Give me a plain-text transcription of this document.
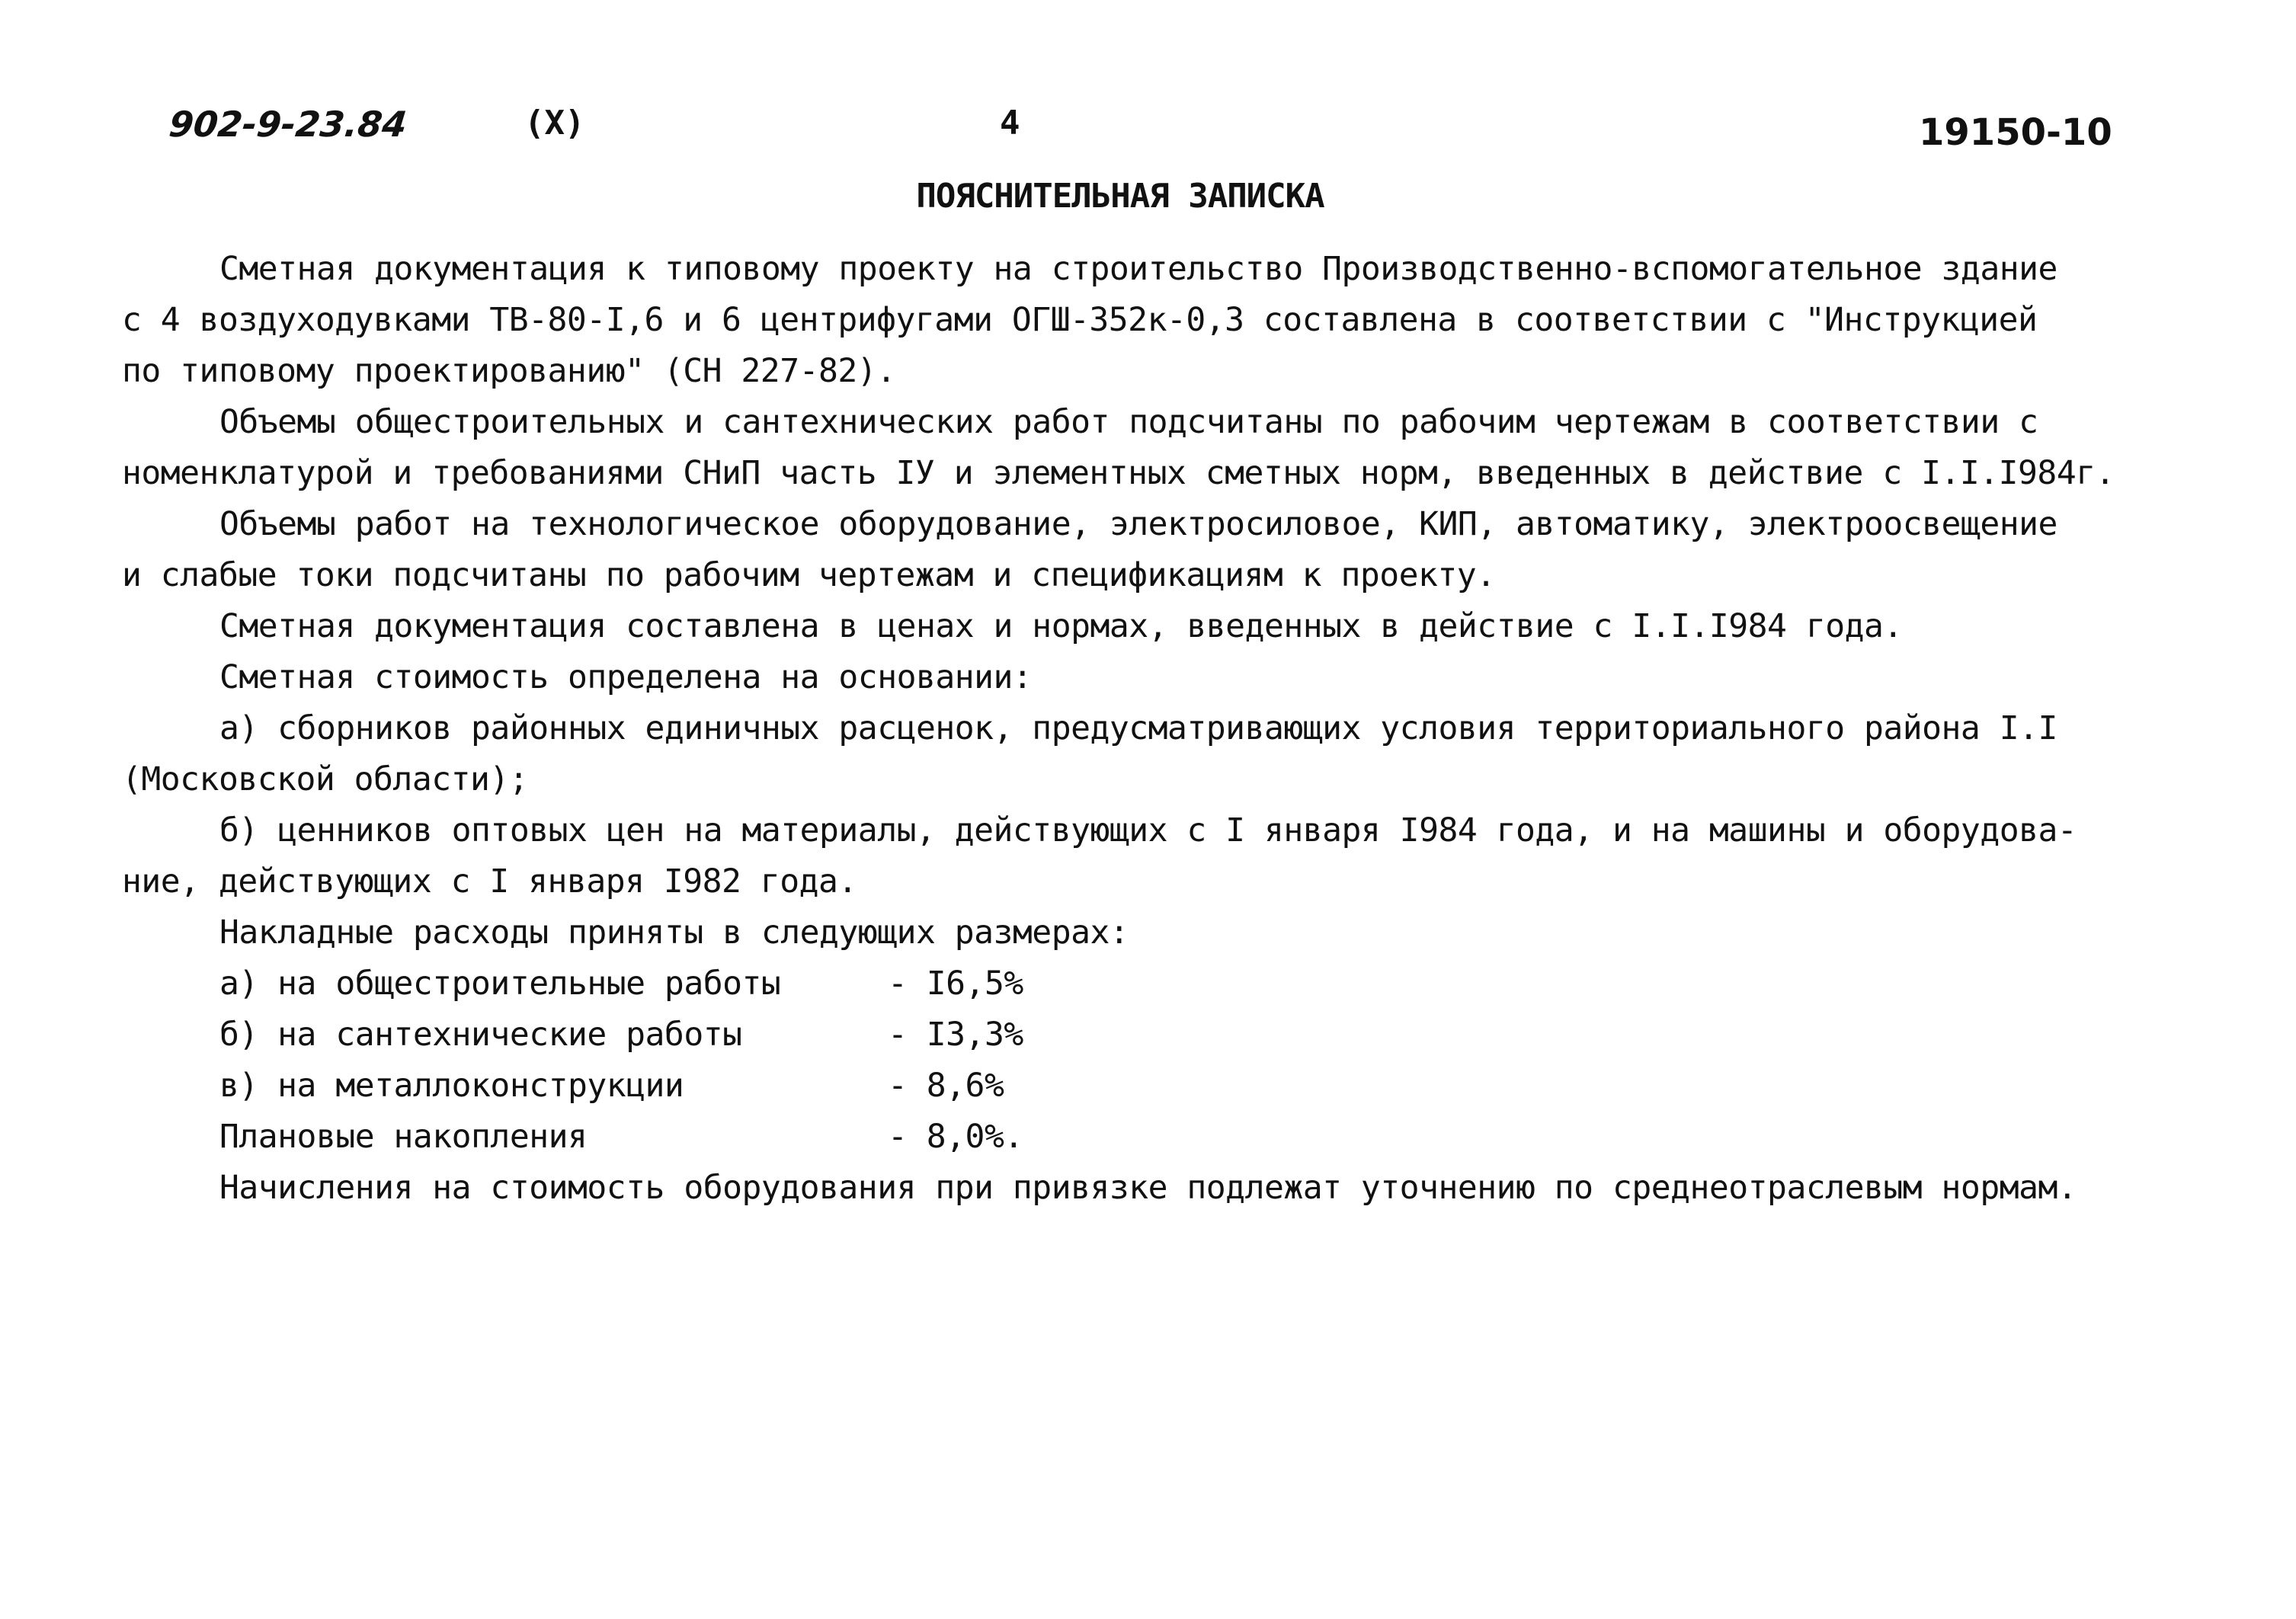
902-9-23.84	(X)	4	19150-10
ПОЯСНИТЕЛЬНАЯ ЗАПИСКА

Сметная документация к типовому проекту на строительство Производственно-вспомогательное здание

с 4 воздуходувками ТВ-80-I,6 и 6 центрифугами ОГШ-352к-0,3 составлена в соответствии с "Инструкцией

по типовому проектированию" (СН 227-82).

Объемы общестроительных и сантехнических работ подсчитаны по рабочим чертежам в соответствии с

номенклатурой и требованиями СНиП часть IУ и элементных сметных норм, введенных в действие с I.I.I984г.

Объемы работ на технологическое оборудование, электросиловое, КИП, автоматику, электроосвещение

и слабые токи подсчитаны по рабочим чертежам и спецификациям к проекту.

Сметная документация составлена в ценах и нормах, введенных в действие с I.I.I984 года.

Сметная стоимость определена на основании:

а) сборников районных единичных расценок, предусматривающих условия территориального района I.I

(Московской области);

б) ценников оптовых цен на материалы, действующих с I января I984 года, и на машины и оборудова-

ние, действующих с I января I982 года.

Накладные расходы приняты в следующих размерах:

а) на общестроительные работы	- I6,5%
б) на сантехнические работы	- I3,3%
в) на металлоконструкции	- 8,6%
Плановые накопления	- 8,0%.

Начисления на стоимость оборудования при привязке подлежат уточнению по среднеотраслевым нормам.
